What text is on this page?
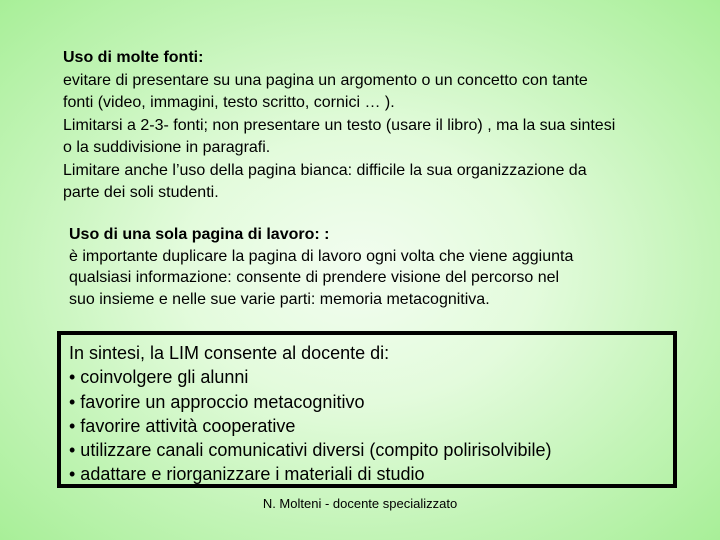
Uso di molte fonti:
evitare di presentare su una pagina un argomento o un concetto con tante
fonti (video, immagini, testo scritto, cornici … ).
Limitarsi a 2-3- fonti; non presentare un testo (usare il libro) , ma la sua sintesi
o la suddivisione in paragrafi.
Limitare anche l’uso della pagina bianca: difficile la sua organizzazione da
parte dei soli studenti.
Uso di una sola pagina di lavoro: :
è importante duplicare la pagina di lavoro ogni volta che viene aggiunta
qualsiasi informazione: consente di prendere visione del percorso nel
suo insieme e nelle sue varie parti: memoria metacognitiva.
In sintesi, la LIM consente al docente di:
• coinvolgere gli alunni
• favorire un approccio metacognitivo
• favorire attività cooperative
• utilizzare canali comunicativi diversi (compito polirisolvibile)
• adattare e riorganizzare i materiali di studio
N. Molteni - docente specializzato
